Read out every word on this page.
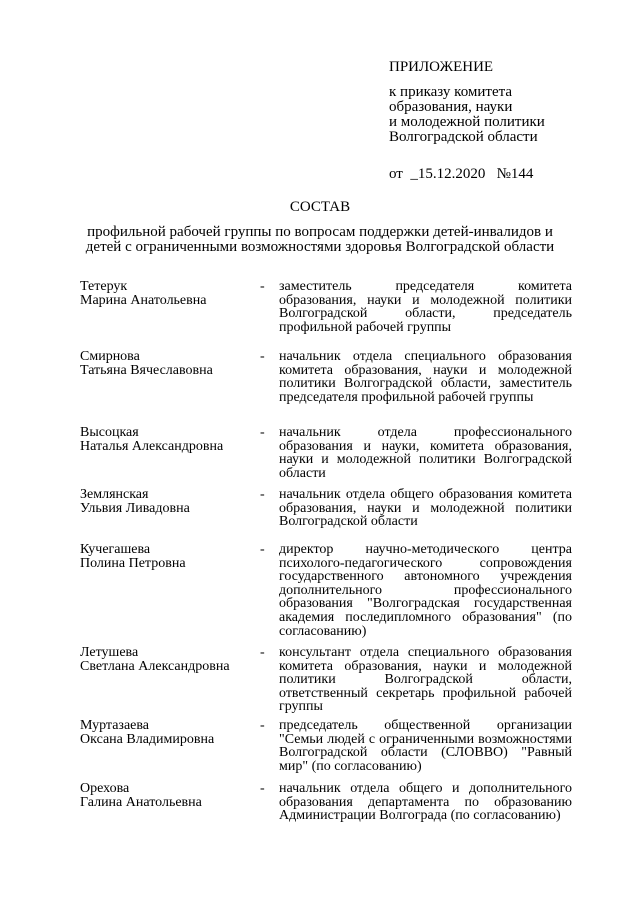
ПРИЛОЖЕНИЕ
к приказу комитета
образования, науки
и молодежной политики
Волгоградской области
от  _15.12.2020   №144
СОСТАВ
профильной рабочей группы по вопросам поддержки детей-инвалидов и детей с ограниченными возможностями здоровья Волгоградской области
Тетерук
Марина Анатольевна
- заместитель председателя комитета образования, науки и молодежной политики Волгоградской области, председатель профильной рабочей группы
Смирнова
Татьяна Вячеславовна
- начальник отдела специального образования комитета образования, науки и молодежной политики Волгоградской области, заместитель председателя профильной рабочей группы
Высоцкая
Наталья Александровна
- начальник отдела профессионального образования и науки, комитета образования, науки и молодежной политики Волгоградской области
Землянская
Ульвия Ливадовна
- начальник отдела общего образования комитета образования, науки и молодежной политики Волгоградской области
Кучегашева
Полина Петровна
- директор научно-методического центра психолого-педагогического сопровождения государственного автономного учреждения дополнительного профессионального образования "Волгоградская государственная академия последипломного образования" (по согласованию)
Летушева
Светлана Александровна
- консультант отдела специального образования комитета образования, науки и молодежной политики Волгоградской области, ответственный секретарь профильной рабочей группы
Муртазаева
Оксана Владимировна
- председатель общественной организации "Семьи людей с ограниченными возможностями Волгоградской области (СЛОВВО) "Равный мир" (по согласованию)
Орехова
Галина Анатольевна
- начальник отдела общего и дополнительного образования департамента по образованию Администрации Волгограда (по согласованию)
